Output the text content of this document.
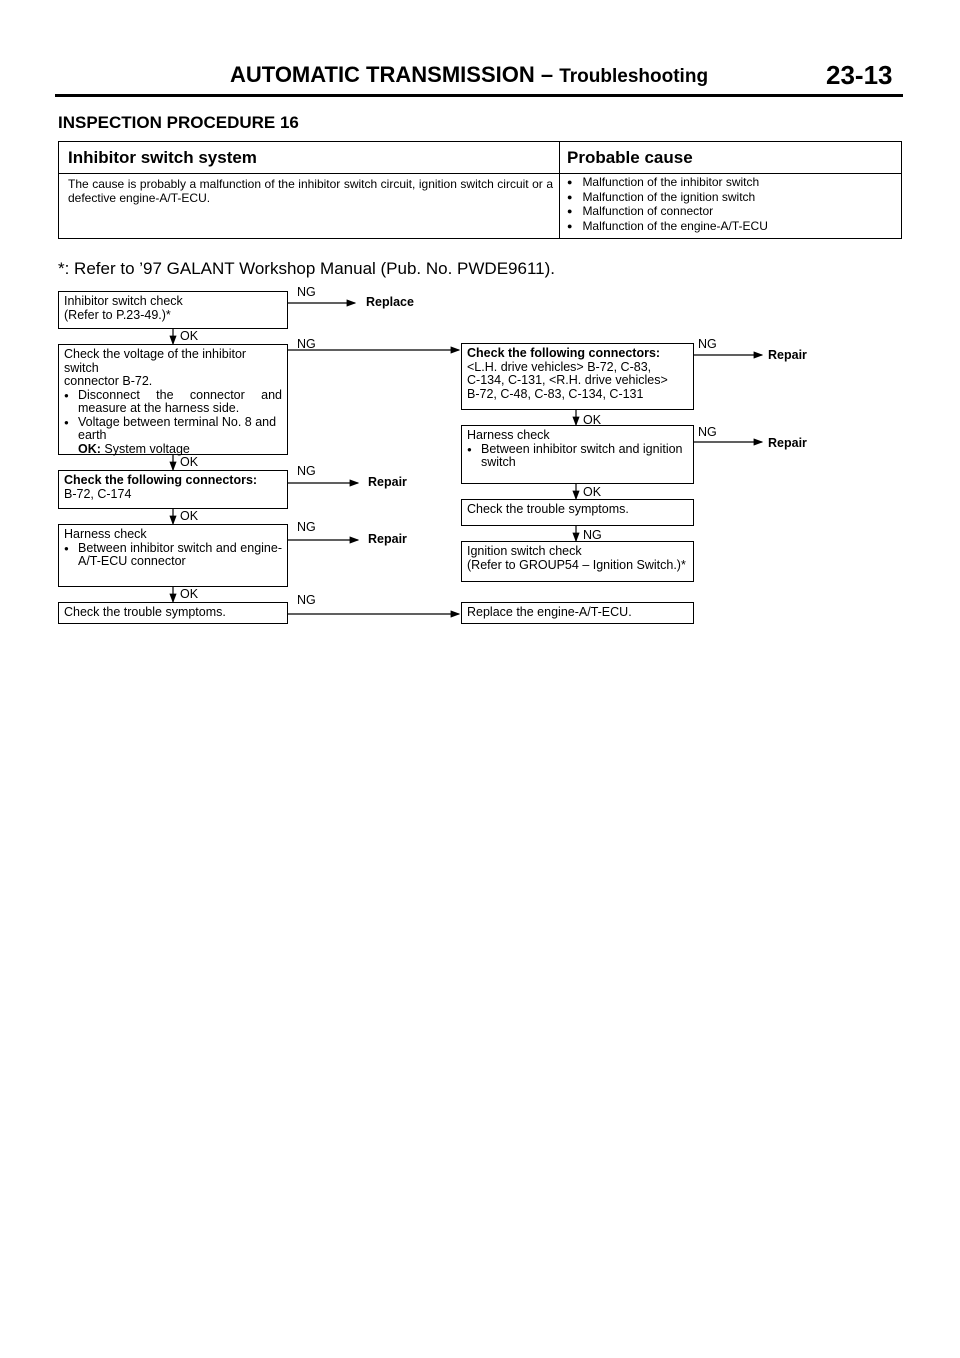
AUTOMATIC TRANSMISSION – Troubleshooting	23-13
INSPECTION PROCEDURE 16
Inhibitor switch system	Probable cause
The cause is probably a malfunction of the inhibitor switch circuit, ignition switch circuit or a defective engine-A/T-ECU.
● Malfunction of the inhibitor switch
● Malfunction of the ignition switch
● Malfunction of connector
● Malfunction of the engine-A/T-ECU
*: Refer to ’97 GALANT Workshop Manual (Pub. No. PWDE9611).
Inhibitor switch check
(Refer to P.23-49.)*
Check the voltage of the inhibitor switch
connector B-72.
● Disconnect the connector and measure at the harness side.
● Voltage between terminal No. 8 and earth
OK: System voltage
Check the following connectors:
B-72, C-174
Harness check
● Between inhibitor switch and engine-A/T-ECU connector
Check the trouble symptoms.
Check the following connectors:
<L.H. drive vehicles> B-72, C-83,
C-134, C-131, <R.H. drive vehicles>
B-72, C-48, C-83, C-134, C-131
Harness check
● Between inhibitor switch and ignition switch
Check the trouble symptoms.
Ignition switch check
(Refer to GROUP54 – Ignition Switch.)*
Replace the engine-A/T-ECU.
OK
OK
OK
OK
OK
OK
NG
NG
NG
NG
NG
NG
NG
NG
Replace
Repair
Repair
Repair
Repair
